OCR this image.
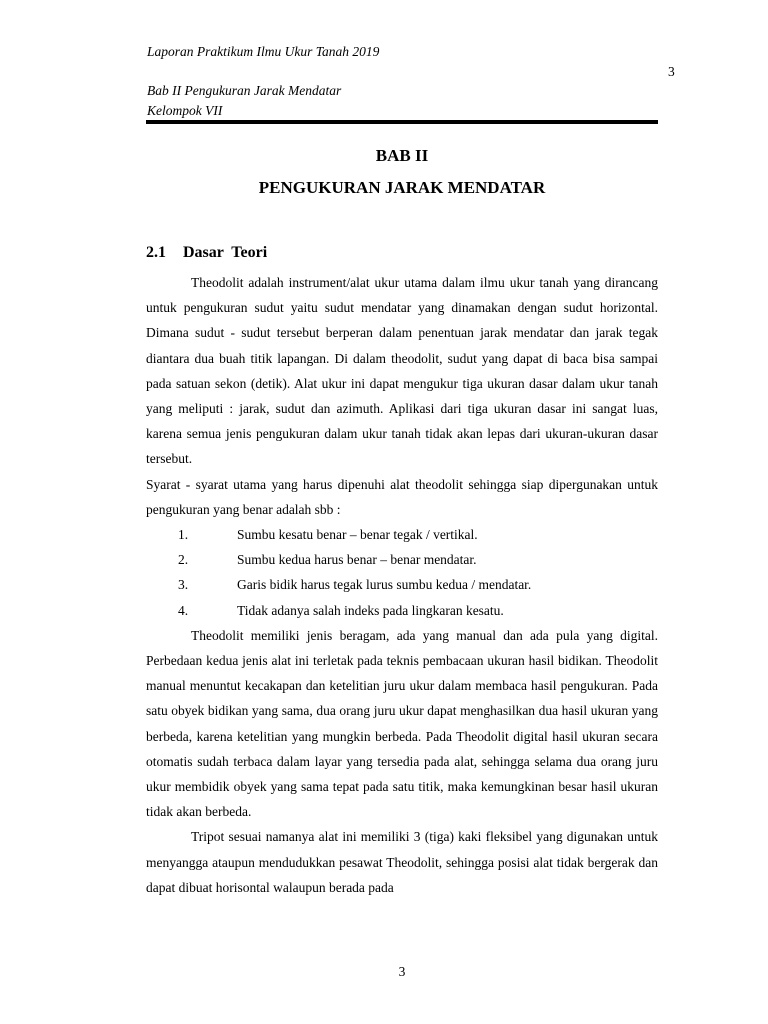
Laporan Praktikum Ilmu Ukur Tanah 2019
3
Bab II Pengukuran Jarak Mendatar
Kelompok VII
BAB II
PENGUKURAN JARAK MENDATAR
2.1 Dasar  Teori

Theodolit adalah instrument/alat ukur utama dalam ilmu ukur tanah yang dirancang untuk pengukuran sudut yaitu sudut mendatar yang dinamakan dengan sudut horizontal. Dimana sudut - sudut tersebut berperan dalam penentuan jarak mendatar dan jarak tegak diantara dua buah titik lapangan. Di dalam theodolit, sudut yang dapat di baca bisa sampai pada satuan sekon (detik). Alat ukur ini dapat mengukur tiga ukuran dasar dalam ukur tanah yang meliputi : jarak, sudut dan azimuth. Aplikasi dari tiga ukuran dasar ini sangat luas, karena semua jenis pengukuran dalam ukur tanah tidak akan lepas dari ukuran-ukuran dasar tersebut.

Syarat - syarat utama yang harus dipenuhi alat theodolit sehingga siap dipergunakan untuk pengukuran yang benar adalah sbb :

1.	Sumbu kesatu benar – benar tegak / vertikal.
2.	Sumbu kedua harus benar – benar mendatar.
3.	Garis bidik harus tegak lurus sumbu kedua / mendatar.
4.	Tidak adanya salah indeks pada lingkaran kesatu.

Theodolit memiliki jenis beragam, ada yang manual dan ada pula yang digital. Perbedaan kedua jenis alat ini terletak pada teknis pembacaan ukuran hasil bidikan. Theodolit manual menuntut kecakapan dan ketelitian juru ukur dalam membaca hasil pengukuran. Pada satu obyek bidikan yang sama, dua orang juru ukur dapat menghasilkan dua hasil ukuran yang berbeda, karena ketelitian yang mungkin berbeda. Pada Theodolit digital hasil ukuran secara otomatis sudah terbaca dalam layar yang tersedia pada alat, sehingga selama dua orang juru ukur membidik obyek yang sama tepat pada satu titik, maka kemungkinan besar hasil ukuran tidak akan berbeda.

Tripot sesuai namanya alat ini memiliki 3 (tiga) kaki fleksibel yang digunakan untuk menyangga ataupun mendudukkan pesawat Theodolit, sehingga posisi alat tidak bergerak dan dapat dibuat horisontal walaupun berada pada

3
